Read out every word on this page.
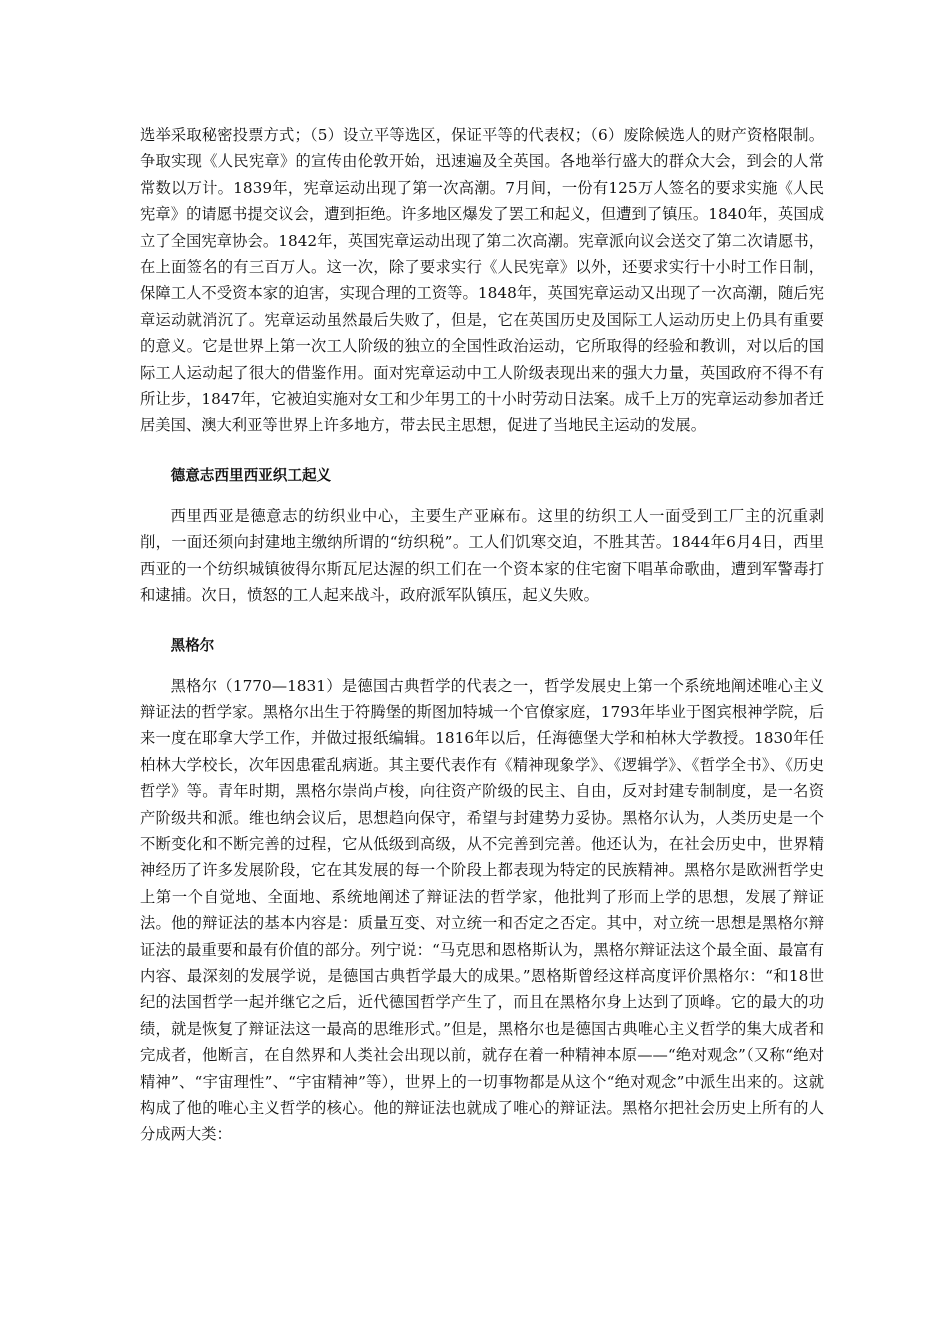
选举采取秘密投票方式；（5）设立平等选区，保证平等的代表权；（6）废除候选人的财产资格限制。争取实现《人民宪章》的宣传由伦敦开始，迅速遍及全英国。各地举行盛大的群众大会，到会的人常常数以万计。1839年，宪章运动出现了第一次高潮。7月间，一份有125万人签名的要求实施《人民宪章》的请愿书提交议会，遭到拒绝。许多地区爆发了罢工和起义，但遭到了镇压。1840年，英国成立了全国宪章协会。1842年，英国宪章运动出现了第二次高潮。宪章派向议会送交了第二次请愿书，在上面签名的有三百万人。这一次，除了要求实行《人民宪章》以外，还要求实行十小时工作日制，保障工人不受资本家的迫害，实现合理的工资等。1848年，英国宪章运动又出现了一次高潮，随后宪章运动就消沉了。宪章运动虽然最后失败了，但是，它在英国历史及国际工人运动历史上仍具有重要的意义。它是世界上第一次工人阶级的独立的全国性政治运动，它所取得的经验和教训，对以后的国际工人运动起了很大的借鉴作用。面对宪章运动中工人阶级表现出来的强大力量，英国政府不得不有所让步，1847年，它被迫实施对女工和少年男工的十小时劳动日法案。成千上万的宪章运动参加者迁居美国、澳大利亚等世界上许多地方，带去民主思想，促进了当地民主运动的发展。

德意志西里西亚织工起义

西里西亚是德意志的纺织业中心，主要生产亚麻布。这里的纺织工人一面受到工厂主的沉重剥削，一面还须向封建地主缴纳所谓的“纺织税”。工人们饥寒交迫，不胜其苦。1844年6月4日，西里西亚的一个纺织城镇彼得尔斯瓦尼达渥的织工们在一个资本家的住宅窗下唱革命歌曲，遭到军警毒打和逮捕。次日，愤怒的工人起来战斗，政府派军队镇压，起义失败。

黑格尔

黑格尔（1770—1831）是德国古典哲学的代表之一，哲学发展史上第一个系统地阐述唯心主义辩证法的哲学家。黑格尔出生于符腾堡的斯图加特城一个官僚家庭，1793年毕业于图宾根神学院，后来一度在耶拿大学工作，并做过报纸编辑。1816年以后，任海德堡大学和柏林大学教授。1830年任柏林大学校长，次年因患霍乱病逝。其主要代表作有《精神现象学》、《逻辑学》、《哲学全书》、《历史哲学》等。青年时期，黑格尔崇尚卢梭，向往资产阶级的民主、自由，反对封建专制制度，是一名资产阶级共和派。维也纳会议后，思想趋向保守，希望与封建势力妥协。黑格尔认为，人类历史是一个不断变化和不断完善的过程，它从低级到高级，从不完善到完善。他还认为，在社会历史中，世界精神经历了许多发展阶段，它在其发展的每一个阶段上都表现为特定的民族精神。黑格尔是欧洲哲学史上第一个自觉地、全面地、系统地阐述了辩证法的哲学家，他批判了形而上学的思想，发展了辩证法。他的辩证法的基本内容是：质量互变、对立统一和否定之否定。其中，对立统一思想是黑格尔辩证法的最重要和最有价值的部分。列宁说：“马克思和恩格斯认为，黑格尔辩证法这个最全面、最富有内容、最深刻的发展学说，是德国古典哲学最大的成果。”恩格斯曾经这样高度评价黑格尔：“和18世纪的法国哲学一起并继它之后，近代德国哲学产生了，而且在黑格尔身上达到了顶峰。它的最大的功绩，就是恢复了辩证法这一最高的思维形式。”但是，黑格尔也是德国古典唯心主义哲学的集大成者和完成者，他断言，在自然界和人类社会出现以前，就存在着一种精神本原——“绝对观念”（又称“绝对精神”、“宇宙理性”、“宇宙精神”等），世界上的一切事物都是从这个“绝对观念”中派生出来的。这就构成了他的唯心主义哲学的核心。他的辩证法也就成了唯心的辩证法。黑格尔把社会历史上所有的人分成两大类：
